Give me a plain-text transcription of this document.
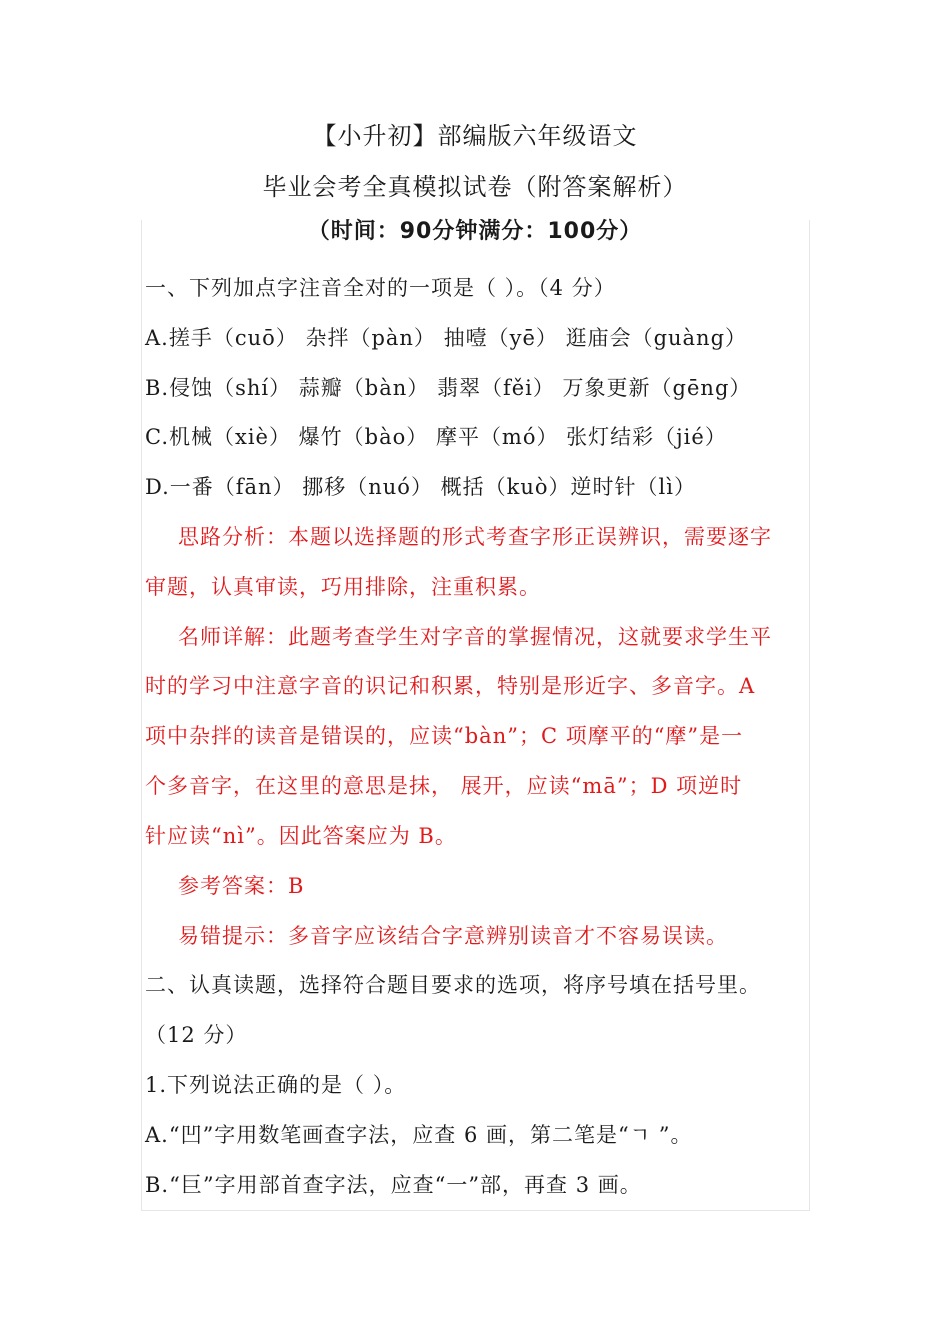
【小升初】部编版六年级语文
毕业会考全真模拟试卷（附答案解析）
（时间：90分钟满分：100分）
一、下列加点字注音全对的一项是（ ）。（4 分）
A.搓手（cuō） 杂拌（pàn） 抽噎（yē） 逛庙会（guàng）
B.侵蚀（shí） 蒜瓣（bàn） 翡翠（fěi） 万象更新（gēng）
C.机械（xiè） 爆竹（bào） 摩平（mó） 张灯结彩（jié）
D.一番（fān） 挪移（nuó） 概括（kuò）逆时针（lì）
思路分析：本题以选择题的形式考查字形正误辨识，需要逐字
审题，认真审读，巧用排除，注重积累。
名师详解：此题考查学生对字音的掌握情况，这就要求学生平
时的学习中注意字音的识记和积累，特别是形近字、多音字。A
项中杂拌的读音是错误的，应读“bàn”；C 项摩平的“摩”是一
个多音字，在这里的意思是抹， 展开，应读“mā”；D 项逆时
针应读“nì”。因此答案应为 B。
参考答案：B
易错提示：多音字应该结合字意辨别读音才不容易误读。
二、认真读题，选择符合题目要求的选项，将序号填在括号里。
（12 分）
1.下列说法正确的是（ ）。
A.“凹”字用数笔画查字法，应查 6 画，第二笔是“ㄱ ”。
B.“巨”字用部首查字法，应查“一”部，再查 3 画。
